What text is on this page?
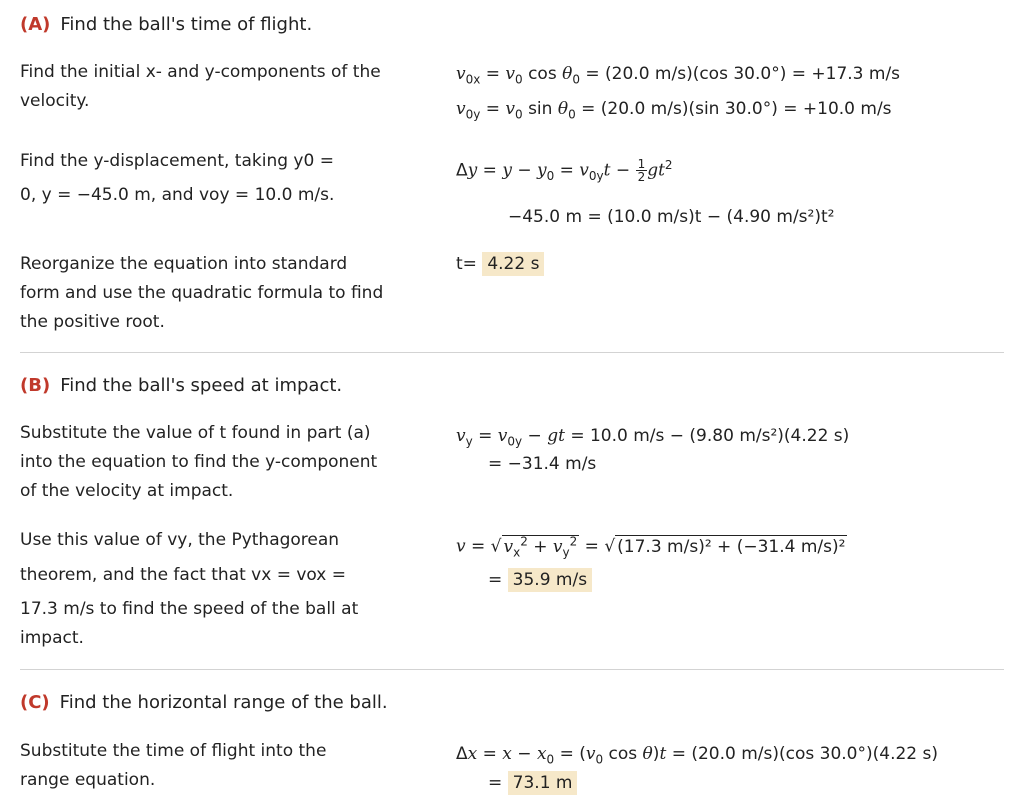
(A) Find the ball's time of flight.
Find the initial x- and y-components of the velocity.
$v_{0x} = v_0$ $\cos \theta_0 = (20.0$ m/s)(cos 30.0°) = +17.3 m/s
$v_{0y} = v_0$ $\sin \theta_0 = (20.0$ m/s)(sin 30.0°) = +10.0 m/s
Find the y-displacement, taking y0 =
0, y = −45.0 m, and voy = 10.0 m/s.
$\Delta y = y - y_0 = v_{0y}t - \frac{1}{2} gt^2$
−45.0 m = (10.0 m/s)t − (4.90 m/s²)t²
Reorganize the equation into standard form and use the quadratic formula to find the positive root.
t= 4.22 s
(B) Find the ball's speed at impact.
Substitute the value of t found in part (a) into the equation to find the y-component of the velocity at impact.
$v_y = v_{0y}$ − gt = 10.0 m/s − (9.80 m/s²)(4.22 s)
= −31.4 m/s
Use this value of vy, the Pythagorean
theorem, and the fact that vx = vox =
17.3 m/s to find the speed of the ball at impact.
v = √ $v_x^2 + v_y^2$ = √ (17.3 m/s)² + (−31.4 m/s)²
= 35.9 m/s
(C) Find the horizontal range of the ball.
Substitute the time of flight into the range equation.
$\Delta x = x - x_0 = (v_0$ cos θ)t = (20.0 m/s)(cos 30.0°)(4.22 s)
= 73.1 m
